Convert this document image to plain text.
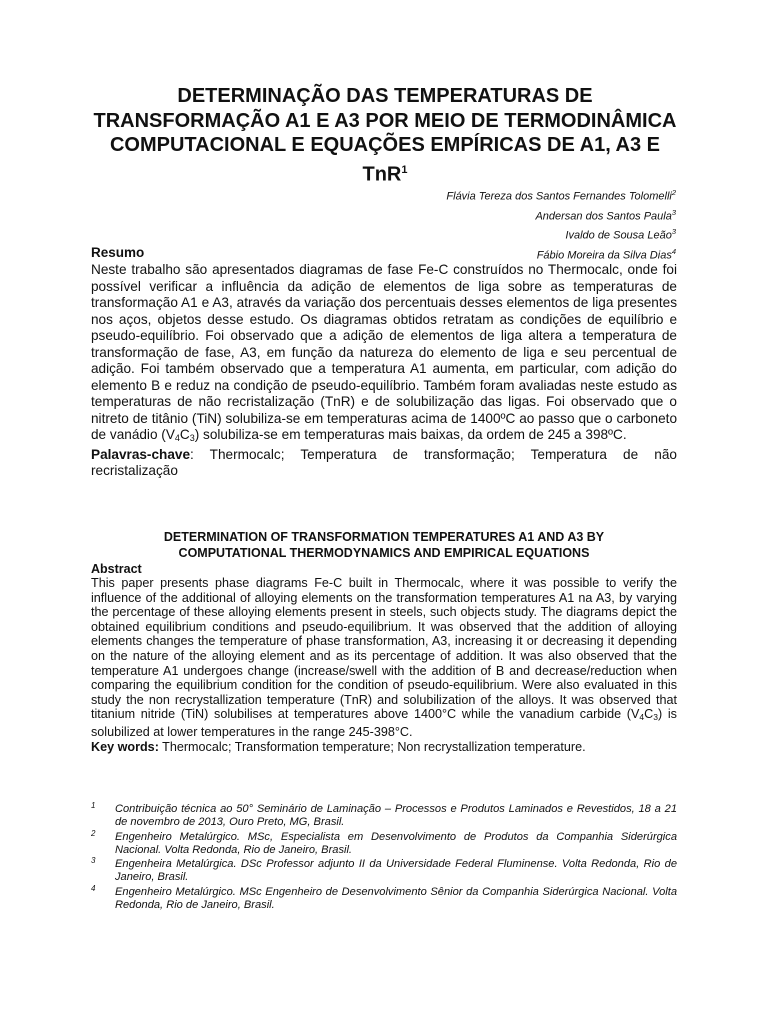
DETERMINAÇÃO DAS TEMPERATURAS DE TRANSFORMAÇÃO A1 E A3 POR MEIO DE TERMODINÂMICA COMPUTACIONAL E EQUAÇÕES EMPÍRICAS DE A1, A3 E TnR$^1$
Flávia Tereza dos Santos Fernandes Tolomelli$^2$
Andersan dos Santos Paula$^3$
Ivaldo de Sousa Leão$^3$
Fábio Moreira da Silva Dias$^4$
Resumo
Neste trabalho são apresentados diagramas de fase Fe-C construídos no Thermocalc, onde foi possível verificar a influência da adição de elementos de liga sobre as temperaturas de transformação A1 e A3, através da variação dos percentuais desses elementos de liga presentes nos aços, objetos desse estudo. Os diagramas obtidos retratam as condições de equilíbrio e pseudo-equilíbrio. Foi observado que a adição de elementos de liga altera a temperatura de transformação de fase, A3, em função da natureza do elemento de liga e seu percentual de adição. Foi também observado que a temperatura A1 aumenta, em particular, com adição do elemento B e reduz na condição de pseudo-equilíbrio. Também foram avaliadas neste estudo as temperaturas de não recristalização (TnR) e de solubilização das ligas. Foi observado que o nitreto de titânio (TiN) solubiliza-se em temperaturas acima de 1400ºC ao passo que o carboneto de vanádio $(V_4C_3)$ solubiliza-se em temperaturas mais baixas, da ordem de 245 a 398ºC.
Palavras-chave: Thermocalc; Temperatura de transformação; Temperatura de não recristalização
DETERMINATION OF TRANSFORMATION TEMPERATURES A1 AND A3 BY COMPUTATIONAL THERMODYNAMICS AND EMPIRICAL EQUATIONS
Abstract
This paper presents phase diagrams Fe-C built in Thermocalc, where it was possible to verify the influence of the additional of alloying elements on the transformation temperatures A1 na A3, by varying the percentage of these alloying elements present in steels, such objects study. The diagrams depict the obtained equilibrium conditions and pseudo-equilibrium. It was observed that the addition of alloying elements changes the temperature of phase transformation, A3, increasing it or decreasing it depending on the nature of the alloying element and as its percentage of addition. It was also observed that the temperature A1 undergoes change (increase/swell with the addition of B and decrease/reduction when comparing the equilibrium condition for the condition of pseudo-equilibrium. Were also evaluated in this study the non recrystallization temperature (TnR) and solubilization of the alloys. It was observed that titanium nitride (TiN) solubilises at temperatures above 1400°C while the vanadium carbide $(V_4C_3)$ is solubilized at lower temperatures in the range 245-398°C.
Key words: Thermocalc; Transformation temperature; Non recrystallization temperature.
1 Contribuição técnica ao 50° Seminário de Laminação – Processos e Produtos Laminados e Revestidos, 18 a 21 de novembro de 2013, Ouro Preto, MG, Brasil.
2 Engenheiro Metalúrgico. MSc, Especialista em Desenvolvimento de Produtos da Companhia Siderúrgica Nacional. Volta Redonda, Rio de Janeiro, Brasil.
3 Engenheira Metalúrgica. DSc Professor adjunto II da Universidade Federal Fluminense. Volta Redonda, Rio de Janeiro, Brasil.
4 Engenheiro Metalúrgico. MSc Engenheiro de Desenvolvimento Sênior da Companhia Siderúrgica Nacional. Volta Redonda, Rio de Janeiro, Brasil.
